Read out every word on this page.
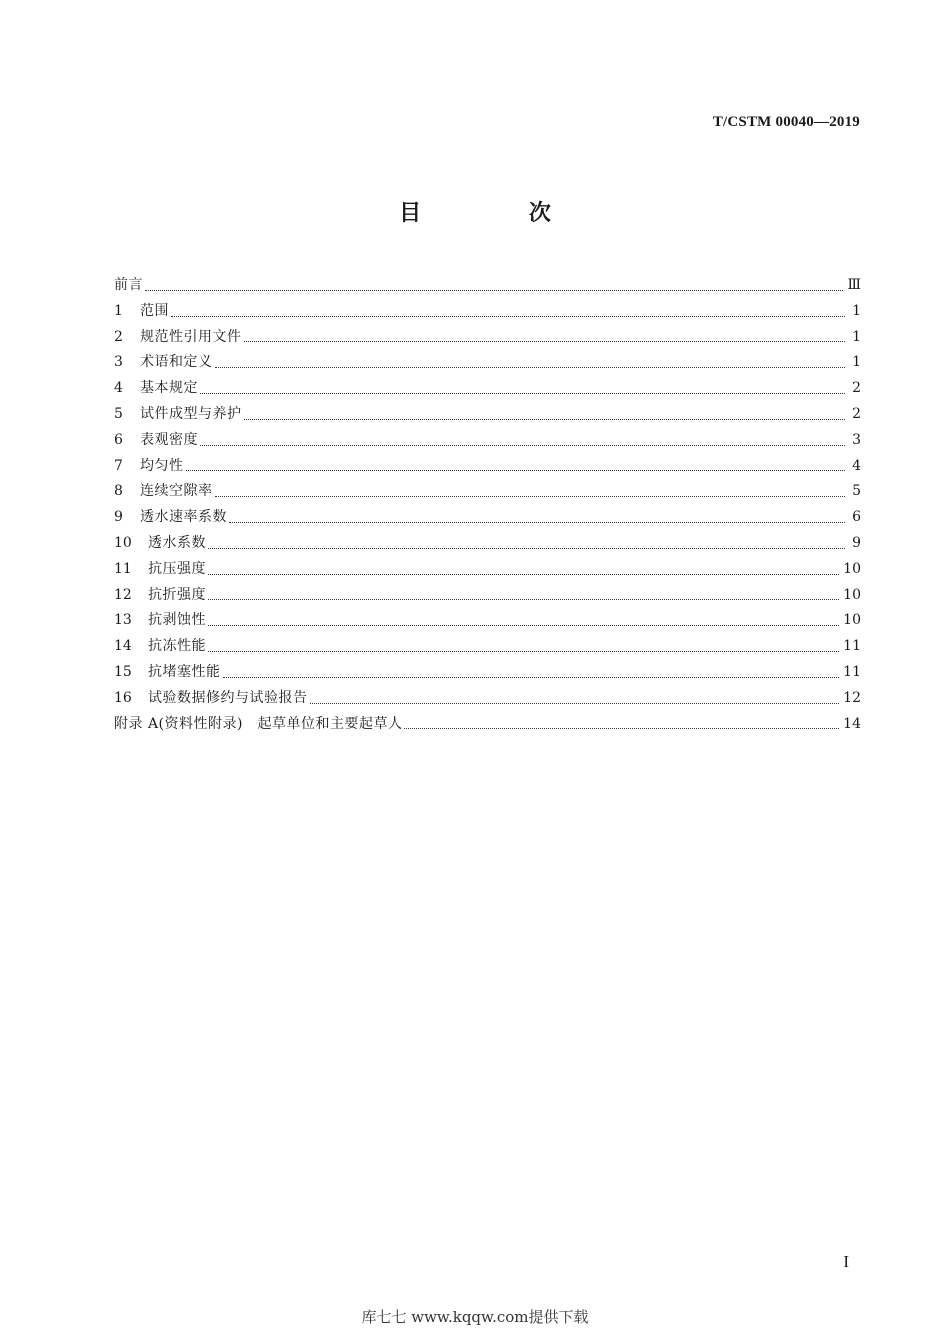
T/CSTM 00040—2019
目 次
前言	Ⅲ
1	范围	1
2	规范性引用文件	1
3	术语和定义	1
4	基本规定	2
5	试件成型与养护	2
6	表观密度	3
7	均匀性	4
8	连续空隙率	5
9	透水速率系数	6
10	透水系数	9
11	抗压强度	10
12	抗折强度	10
13	抗剥蚀性	10
14	抗冻性能	11
15	抗堵塞性能	11
16	试验数据修约与试验报告	12
附录 A(资料性附录)　起草单位和主要起草人	14
I
库七七 www.kqqw.com提供下载
